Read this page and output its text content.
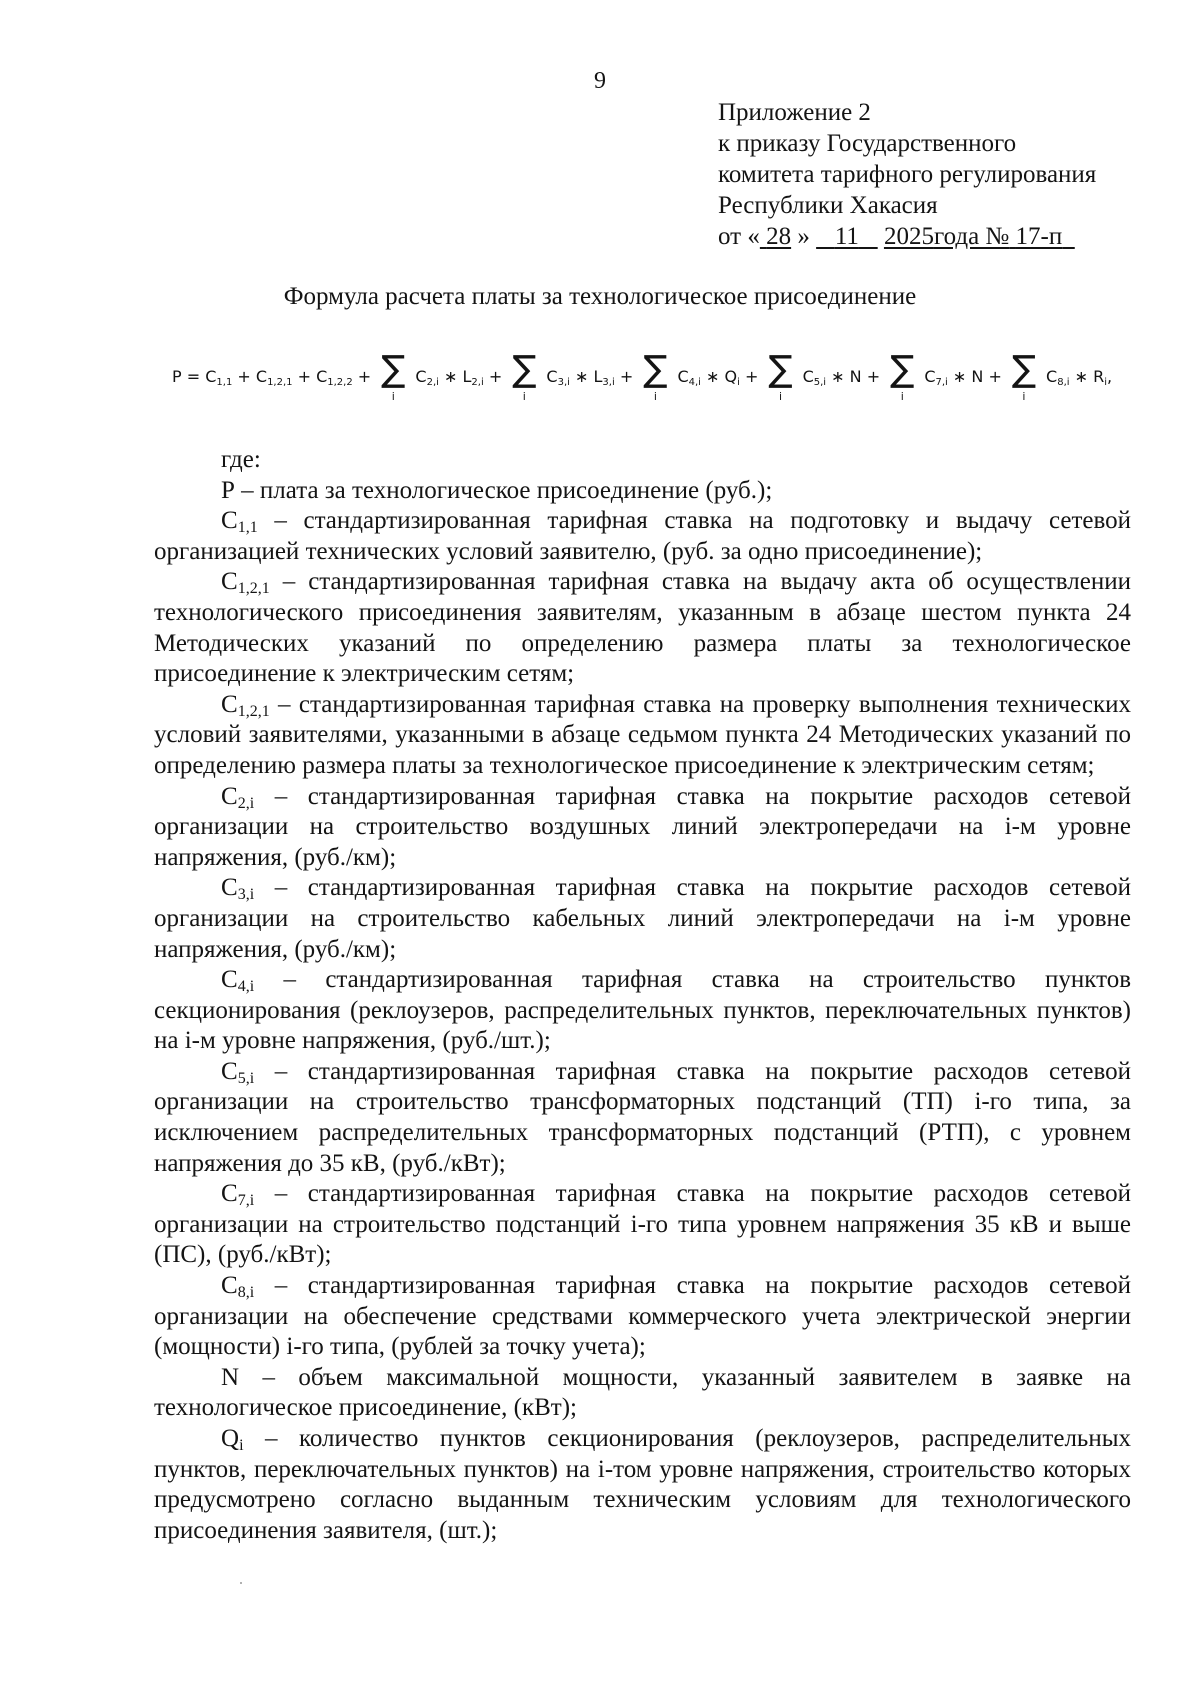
9
Приложение 2
к приказу Государственного
комитета тарифного регулирования
Республики Хакасия
от « 28 » 11 2025года № 17-п
Формула расчета платы за технологическое присоединение
$P = C_{1,1} + C_{1,2,1} + C_{1,2,2}$ + ∑
i
$C_{2,i}$ ∗ $L_{2,i}$ + ∑
i
$C_{3,i}$ ∗ $L_{3,i}$ + ∑
i
$C_{4,i}$ ∗ $Q_i$ + ∑
i
$C_{5,i}$ ∗ N + ∑
i
$C_{7,i}$ ∗ N + ∑
i
$C_{8,i}$ ∗ $R_i$,
где:

P – плата за технологическое присоединение (руб.);

$C_{1,1}$ – стандартизированная тарифная ставка на подготовку и выдачу сетевой организацией технических условий заявителю, (руб. за одно присоединение);

$C_{1,2,1}$ – стандартизированная тарифная ставка на выдачу акта об осуществлении технологического присоединения заявителям, указанным в абзаце шестом пункта 24 Методических указаний по определению размера платы за технологическое присоединение к электрическим сетям;

$C_{1,2,1}$ – стандартизированная тарифная ставка на проверку выполнения технических условий заявителями, указанными в абзаце седьмом пункта 24 Методических указаний по определению размера платы за технологическое присоединение к электрическим сетям;

$C_{2,i}$ – стандартизированная тарифная ставка на покрытие расходов сетевой организации на строительство воздушных линий электропередачи на i-м уровне напряжения, (руб./км);

$C_{3,i}$ – стандартизированная тарифная ставка на покрытие расходов сетевой организации на строительство кабельных линий электропередачи на i-м уровне напряжения, (руб./км);

$C_{4,i}$ – стандартизированная тарифная ставка на строительство пунктов секционирования (реклоузеров, распределительных пунктов, переключательных пунктов) на i-м уровне напряжения, (руб./шт.);

$C_{5,i}$ – стандартизированная тарифная ставка на покрытие расходов сетевой организации на строительство трансформаторных подстанций (ТП) i-го типа, за исключением распределительных трансформаторных подстанций (РТП), с уровнем напряжения до 35 кВ, (руб./кВт);

$C_{7,i}$ – стандартизированная тарифная ставка на покрытие расходов сетевой организации на строительство подстанций i-го типа уровнем напряжения 35 кВ и выше (ПС), (руб./кВт);

$C_{8,i}$ – стандартизированная тарифная ставка на покрытие расходов сетевой организации на обеспечение средствами коммерческого учета электрической энергии (мощности) i-го типа, (рублей за точку учета);

N – объем максимальной мощности, указанный заявителем в заявке на технологическое присоединение, (кВт);

$Q_i$ – количество пунктов секционирования (реклоузеров, распределительных пунктов, переключательных пунктов) на i-том уровне напряжения, строительство которых предусмотрено согласно выданным техническим условиям для технологического присоединения заявителя, (шт.);
